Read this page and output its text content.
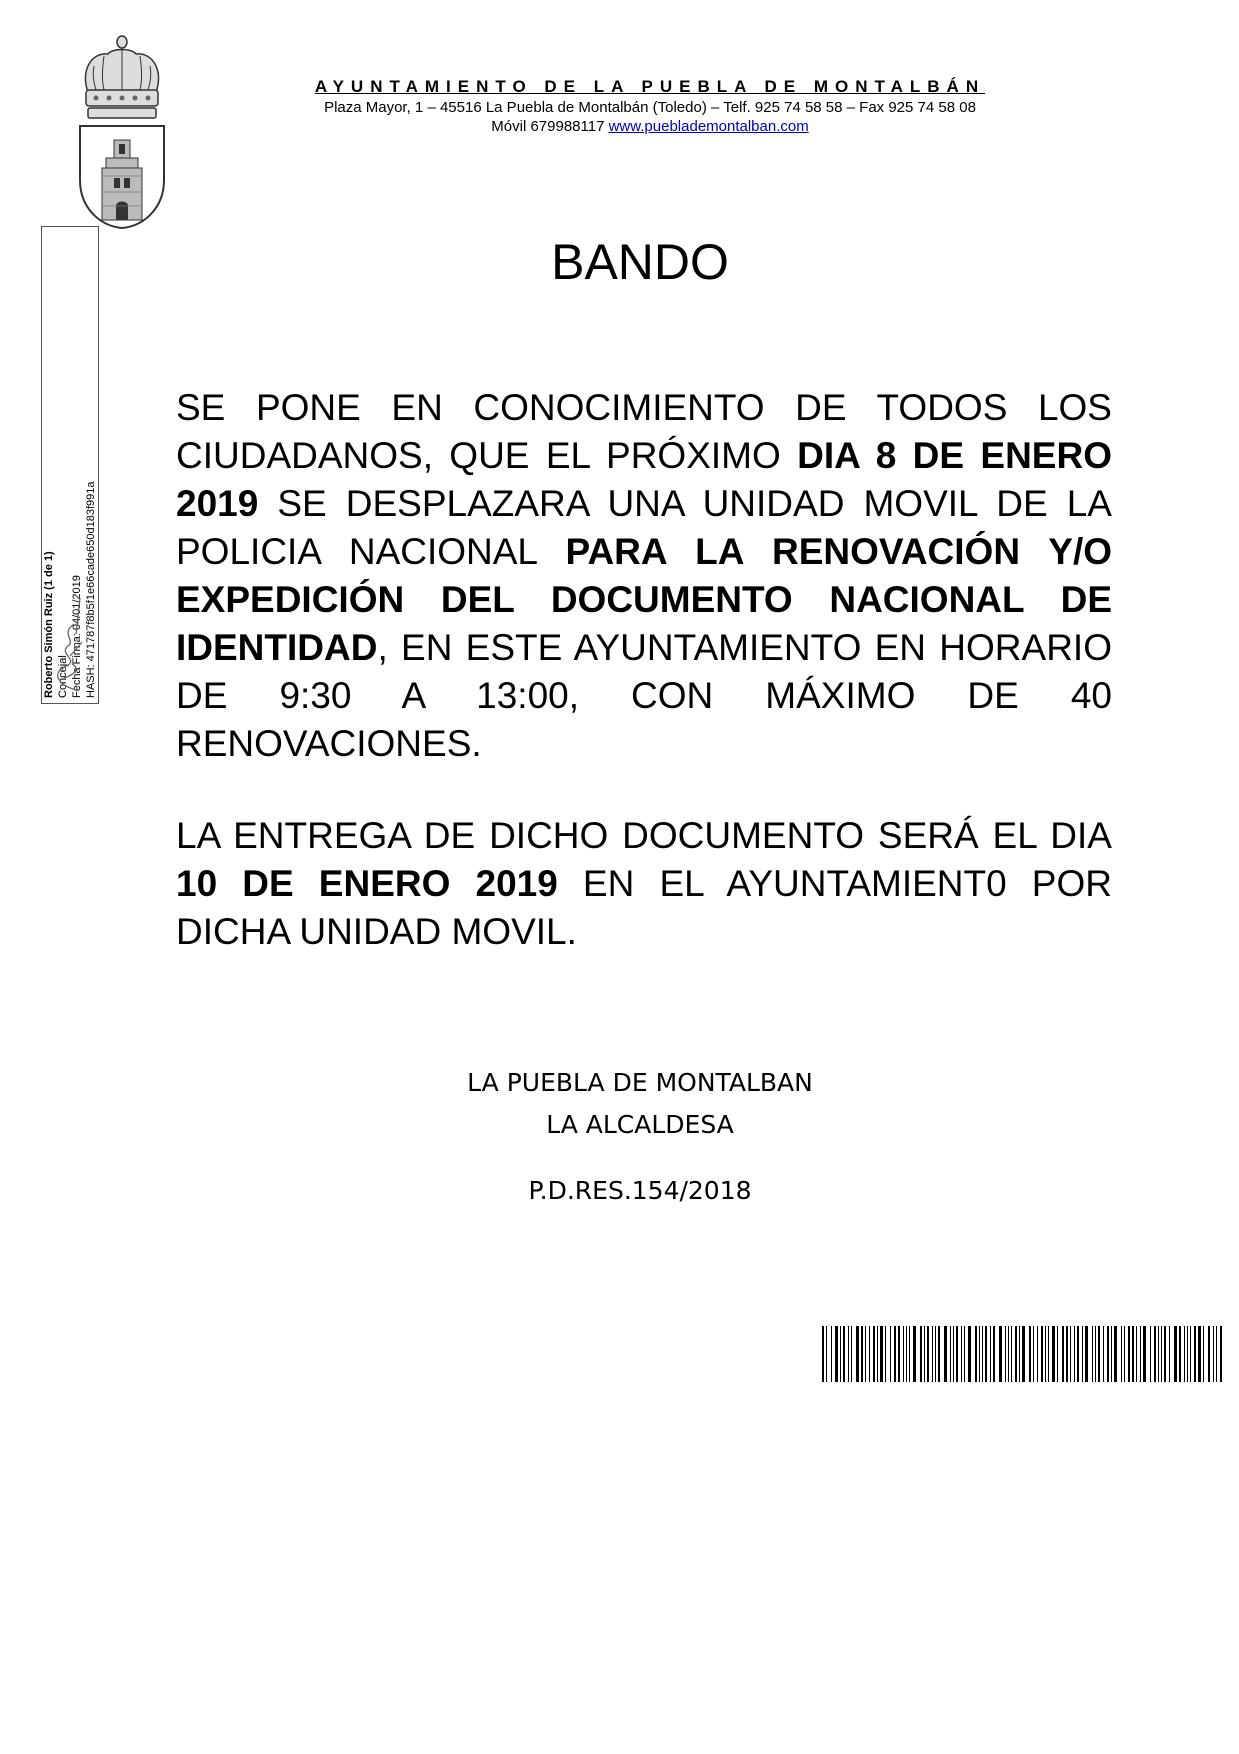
AYUNTAMIENTO DE LA PUEBLA DE MONTALBÁN
Plaza Mayor, 1 – 45516 La Puebla de Montalbán (Toledo) – Telf. 925 74 58 58 – Fax 925 74 58 08
Móvil 679988117 www.pueblademontalban.com
Roberto Simón Ruiz (1 de 1) Concejal Fecha Firma: 04/01/2019 HASH: 471787f8b5f1e66cade650d183f991a
BANDO
SE PONE EN CONOCIMIENTO DE TODOS LOS CIUDADANOS, QUE EL PRÓXIMO DIA 8 DE ENERO 2019 SE DESPLAZARA UNA UNIDAD MOVIL DE LA POLICIA NACIONAL PARA LA RENOVACIÓN Y/O EXPEDICIÓN DEL DOCUMENTO NACIONAL DE IDENTIDAD, EN ESTE AYUNTAMIENTO EN HORARIO DE 9:30 A 13:00, CON MÁXIMO DE 40 RENOVACIONES.
LA ENTREGA DE DICHO DOCUMENTO SERÁ EL DIA 10 DE ENERO 2019 EN EL AYUNTAMIENT0 POR DICHA UNIDAD MOVIL.
LA PUEBLA DE MONTALBAN
LA ALCALDESA
P.D.RES.154/2018
